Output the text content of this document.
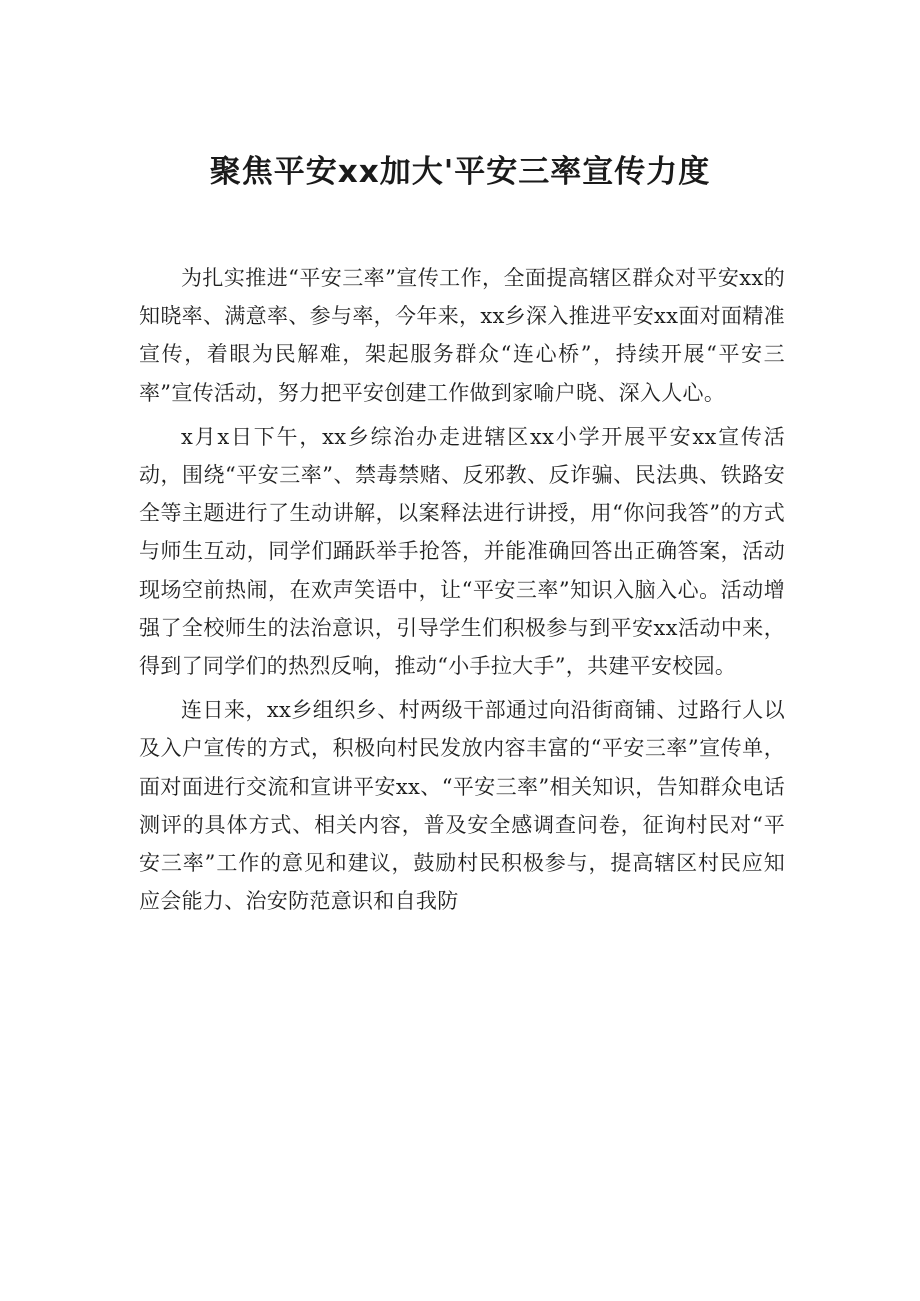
聚焦平安xx加大'平安三率宣传力度

为扎实推进“平安三率”宣传工作，全面提高辖区群众对平安xx的知晓率、满意率、参与率，今年来，xx乡深入推进平安xx面对面精准宣传，着眼为民解难，架起服务群众“连心桥”，持续开展“平安三率”宣传活动，努力把平安创建工作做到家喻户晓、深入人心。

x月x日下午，xx乡综治办走进辖区xx小学开展平安xx宣传活动，围绕“平安三率”、禁毒禁赌、反邪教、反诈骗、民法典、铁路安全等主题进行了生动讲解，以案释法进行讲授，用“你问我答”的方式与师生互动，同学们踊跃举手抢答，并能准确回答出正确答案，活动现场空前热闹，在欢声笑语中，让“平安三率”知识入脑入心。活动增强了全校师生的法治意识，引导学生们积极参与到平安xx活动中来，得到了同学们的热烈反响，推动“小手拉大手”，共建平安校园。

连日来，xx乡组织乡、村两级干部通过向沿街商铺、过路行人以及入户宣传的方式，积极向村民发放内容丰富的“平安三率”宣传单，面对面进行交流和宣讲平安xx、“平安三率”相关知识，告知群众电话测评的具体方式、相关内容，普及安全感调查问卷，征询村民对“平安三率”工作的意见和建议，鼓励村民积极参与，提高辖区村民应知应会能力、治安防范意识和自我防
